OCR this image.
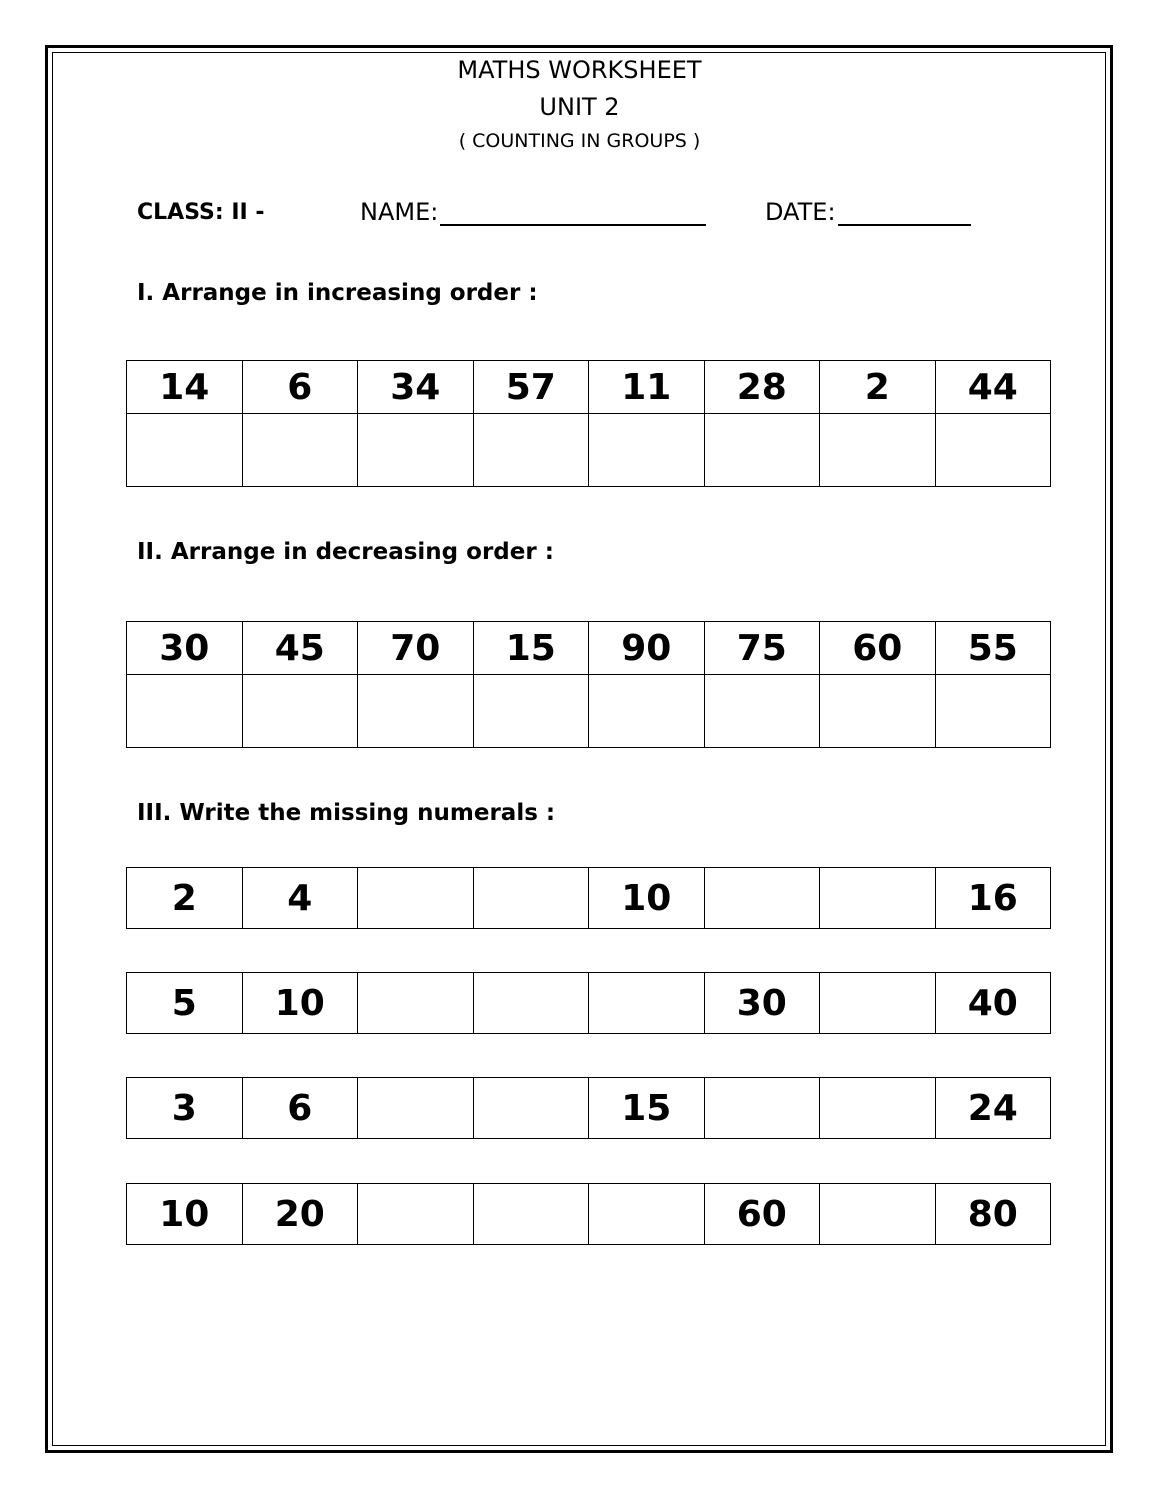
MATHS WORKSHEET
UNIT 2
( COUNTING IN GROUPS )
CLASS: II -	NAME:	DATE:
I. Arrange in increasing order :
14	6	34	57	11	28	2	44

II. Arrange in decreasing order :
30	45	70	15	90	75	60	55

III. Write the missing numerals :
2	4			10			16
5	10				30		40
3	6			15			24
10	20				60		80
